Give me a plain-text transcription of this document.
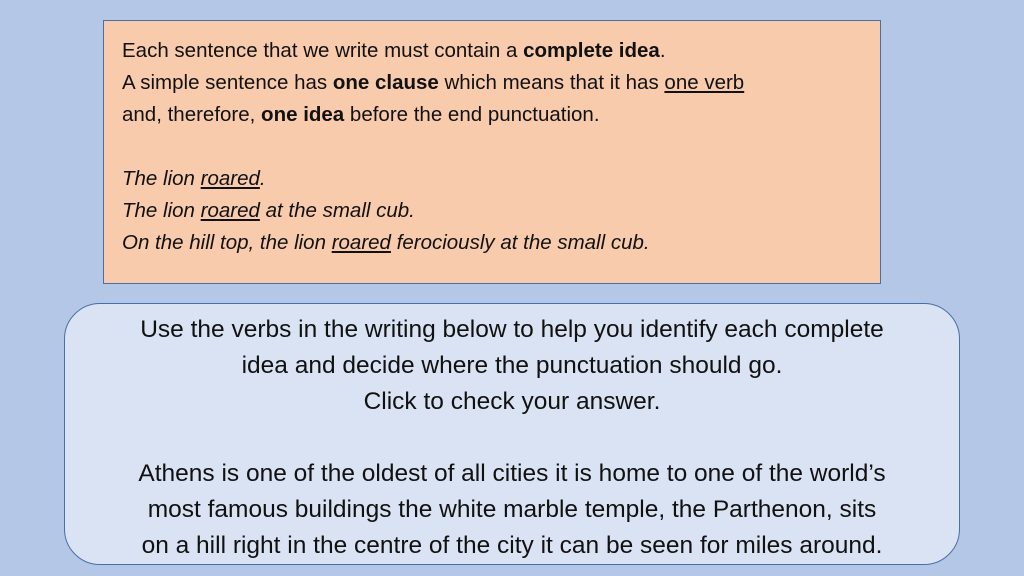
Each sentence that we write must contain a complete idea.

A simple sentence has one clause which means that it has one verb

and, therefore, one idea before the end punctuation.

The lion roared.

The lion roared at the small cub.

On the hill top, the lion roared ferociously at the small cub.

Use the verbs in the writing below to help you identify each complete

idea and decide where the punctuation should go.

Click to check your answer.

Athens is one of the oldest of all cities it is home to one of the world’s

most famous buildings the white marble temple, the Parthenon, sits

on a hill right in the centre of the city it can be seen for miles around.
